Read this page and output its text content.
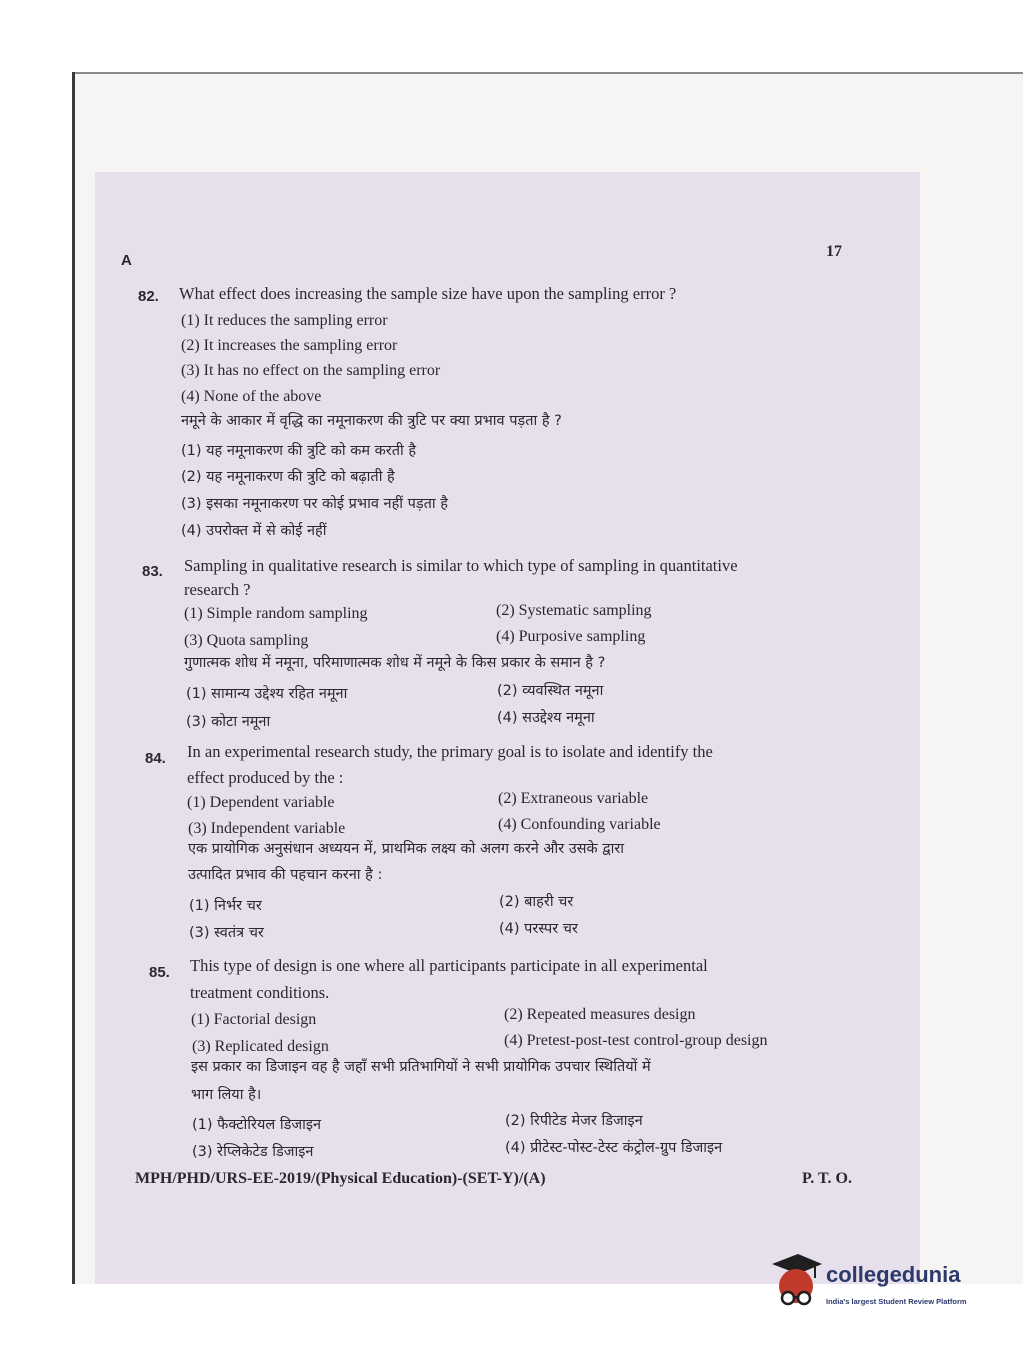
A
17
82. What effect does increasing the sample size have upon the sampling error ?
(1) It reduces the sampling error
(2) It increases the sampling error
(3) It has no effect on the sampling error
(4) None of the above
नमूने के आकार में वृद्धि का नमूनाकरण की त्रुटि पर क्या प्रभाव पड़ता है ?
(1) यह नमूनाकरण की त्रुटि को कम करती है
(2) यह नमूनाकरण की त्रुटि को बढ़ाती है
(3) इसका नमूनाकरण पर कोई प्रभाव नहीं पड़ता है
(4) उपरोक्त में से कोई नहीं
83. Sampling in qualitative research is similar to which type of sampling in quantitative
research ?
(1) Simple random sampling	(2) Systematic sampling
(3) Quota sampling	(4) Purposive sampling
गुणात्मक शोध में नमूना, परिमाणात्मक शोध में नमूने के किस प्रकार के समान है ?
(1) सामान्य उद्देश्य रहित नमूना	(2) व्यवस्थित नमूना
(3) कोटा नमूना	(4) सउद्देश्य नमूना
84. In an experimental research study, the primary goal is to isolate and identify the
effect produced by the :
(1) Dependent variable	(2) Extraneous variable
(3) Independent variable	(4) Confounding variable
एक प्रायोगिक अनुसंधान अध्ययन में, प्राथमिक लक्ष्य को अलग करने और उसके द्वारा
उत्पादित प्रभाव की पहचान करना है :
(1) निर्भर चर	(2) बाहरी चर
(3) स्वतंत्र चर	(4) परस्पर चर
85. This type of design is one where all participants participate in all experimental
treatment conditions.
(1) Factorial design	(2) Repeated measures design
(3) Replicated design	(4) Pretest-post-test control-group design
इस प्रकार का डिजाइन वह है जहाँ सभी प्रतिभागियों ने सभी प्रायोगिक उपचार स्थितियों में
भाग लिया है।
(1) फैक्टोरियल डिजाइन	(2) रिपीटेड मेजर डिजाइन
(3) रेप्लिकेटेड डिजाइन	(4) प्रीटेस्ट-पोस्ट-टेस्ट कंट्रोल-ग्रुप डिजाइन
MPH/PHD/URS-EE-2019/(Physical Education)-(SET-Y)/(A)	P. T. O.
collegedunia
India's largest Student Review Platform
